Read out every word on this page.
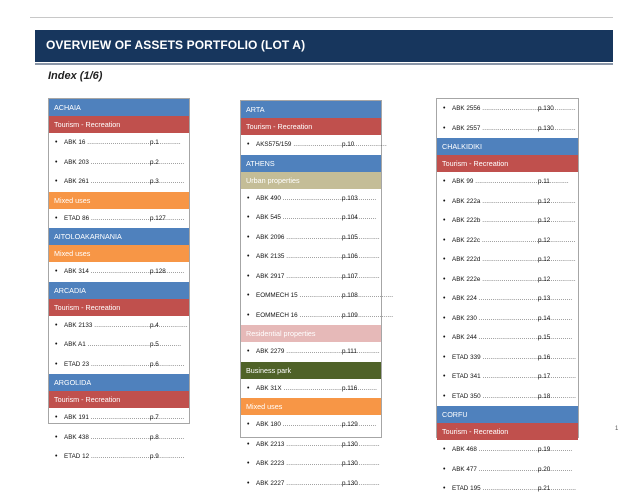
OVERVIEW OF ASSETS PORTFOLIO (LOT A)
Index (1/6)
ACHAIA
Tourism - Recreation
•	ABK 16 .....	p.1
•	ABK 203 .....	p.2
•	ABK 261 .....	p.3
Mixed uses
•	ETAD 86 .....	p.127
AITOLOAKARNANIA
Mixed uses
•	ABK 314 .....	p.128
ARCADIA
Tourism - Recreation
•	ABK 2133 .....	p.4
•	ABK A1 .....	p.5
•	ETAD 23 .....	p.6
ARGOLIDA
Tourism - Recreation
•	ABK 191 .....	p.7
•	ABK 438 .....	p.8
•	ETAD 12 .....	p.9
ARTA
Tourism - Recreation
•	AKS575/159 .....	p.10
ATHENS
Urban properties
•	ABK 490 .....	p.103
•	ABK 545 .....	p.104
•	ABK 2096 .....	p.105
•	ABK 2135 .....	p.106
•	ABK 2917 .....	p.107
•	EOMMECH 15 .....	p.108
•	EOMMECH 16 .....	p.109
Residential properties
•	ABK 2279 .....	p.111
Business park
•	ABK 31X .....	p.116
Mixed uses
•	ABK 180 .....	p.129
•	ABK 2213 .....	p.130
•	ABK 2223 .....	p.130
•	ABK 2227 .....	p.130
•	ABK 2556 .....	p.130
•	ABK 2557 .....	p.130
CHALKIDIKI
Tourism - Recreation
•	ABK 99 .....	p.11
•	ABK 222a .....	p.12
•	ABK 222b .....	p.12
•	ABK 222c .....	p.12
•	ABK 222d .....	p.12
•	ABK 222e .....	p.12
•	ABK 224 .....	p.13
•	ABK 230 .....	p.14
•	ABK 244 .....	p.15
•	ETAD 339 .....	p.16
•	ETAD 341 .....	p.17
•	ETAD 350 .....	p.18
CORFU
Tourism - Recreation
•	ABK 468 .....	p.19
•	ABK 477 .....	p.20
•	ETAD 195 .....	p.21
1
